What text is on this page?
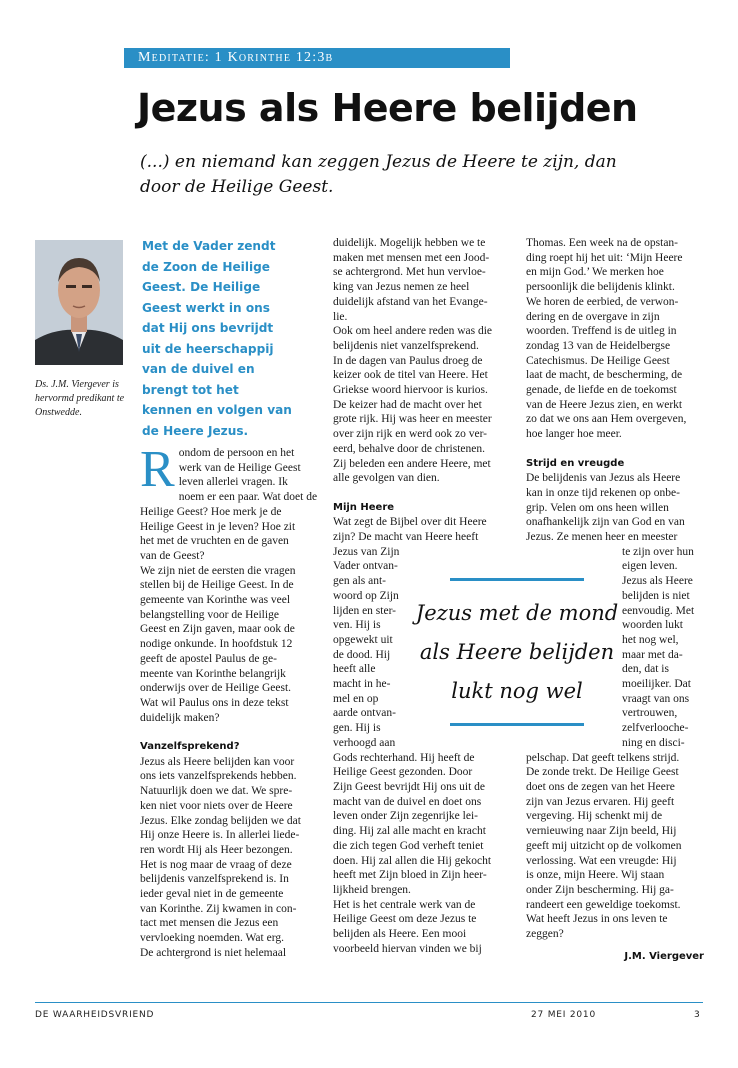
Meditatie: 1 Korinthe 12:3b
Jezus als Heere belijden

(...) en niemand kan zeggen Jezus de Heere te zijn, dan door de Heilige Geest.

Ds. J.M. Viergever is hervormd predikant te Onstwedde.

Met de Vader zendt de Zoon de Heilige Geest. De Heilige Geest werkt in ons dat Hij ons bevrijdt uit de heerschappij van de duivel en brengt tot het kennen en volgen van de Heere Jezus.

R ondom de persoon en het
werk van de Heilige Geest
leven allerlei vragen. Ik
noem er een paar. Wat doet de
Heilige Geest? Hoe merk je de
Heilige Geest in je leven? Hoe zit
het met de vruchten en de gaven
van de Geest?
We zijn niet de eersten die vragen
stellen bij de Heilige Geest. In de
gemeente van Korinthe was veel
belangstelling voor de Heilige
Geest en Zijn gaven, maar ook de
nodige onkunde. In hoofdstuk 12
geeft de apostel Paulus de ge-
meente van Korinthe belangrijk
onderwijs over de Heilige Geest.
Wat wil Paulus ons in deze tekst
duidelijk maken?
Vanzelfsprekend?
Jezus als Heere belijden kan voor
ons iets vanzelfsprekends hebben.
Natuurlijk doen we dat. We spre-
ken niet voor niets over de Heere
Jezus. Elke zondag belijden we dat
Hij onze Heere is. In allerlei liede-
ren wordt Hij als Heer bezongen.
Het is nog maar de vraag of deze
belijdenis vanzelfsprekend is. In
ieder geval niet in de gemeente
van Korinthe. Zij kwamen in con-
tact met mensen die Jezus een
vervloeking noemden. Wat erg.
De achtergrond is niet helemaal
duidelijk. Mogelijk hebben we te
maken met mensen met een Jood-
se achtergrond. Met hun vervloe-
king van Jezus nemen ze heel
duidelijk afstand van het Evange-
lie.
Ook om heel andere reden was die
belijdenis niet vanzelfsprekend.
In de dagen van Paulus droeg de
keizer ook de titel van Heere. Het
Griekse woord hiervoor is kurios.
De keizer had de macht over het
grote rijk. Hij was heer en meester
over zijn rijk en werd ook zo ver-
eerd, behalve door de christenen.
Zij beleden een andere Heere, met
alle gevolgen van dien.
Mijn Heere
Wat zegt de Bijbel over dit Heere
zijn? De macht van Heere heeft
Jezus van Zijn
Vader ontvan-
gen als ant-
woord op Zijn
lijden en ster-
ven. Hij is
opgewekt uit
de dood. Hij
heeft alle
macht in he-
mel en op
aarde ontvan-
gen. Hij is
verhoogd aan
Gods rechterhand. Hij heeft de
Heilige Geest gezonden. Door
Zijn Geest bevrijdt Hij ons uit de
macht van de duivel en doet ons
leven onder Zijn zegenrijke lei-
ding. Hij zal alle macht en kracht
die zich tegen God verheft teniet
doen. Hij zal allen die Hij gekocht
heeft met Zijn bloed in Zijn heer-
lijkheid brengen.
Het is het centrale werk van de
Heilige Geest om deze Jezus te
belijden als Heere. Een mooi
voorbeeld hiervan vinden we bij
Thomas. Een week na de opstan-
ding roept hij het uit: ‘Mijn Heere
en mijn God.’ We merken hoe
persoonlijk die belijdenis klinkt.
We horen de eerbied, de verwon-
dering en de overgave in zijn
woorden. Treffend is de uitleg in
zondag 13 van de Heidelbergse
Catechismus. De Heilige Geest
laat de macht, de bescherming, de
genade, de liefde en de toekomst
van de Heere Jezus zien, en werkt
zo dat we ons aan Hem overgeven,
hoe langer hoe meer.
Strijd en vreugde
De belijdenis van Jezus als Heere
kan in onze tijd rekenen op onbe-
grip. Velen om ons heen willen
onafhankelijk zijn van God en van
Jezus. Ze menen heer en meester
te zijn over hun
eigen leven.
Jezus als Heere
belijden is niet
eenvoudig. Met
woorden lukt
het nog wel,
maar met da-
den, dat is
moeilijker. Dat
vraagt van ons
vertrouwen,
zelfverlooche-
ning en disci-
pelschap. Dat geeft telkens strijd.
De zonde trekt. De Heilige Geest
doet ons de zegen van het Heere
zijn van Jezus ervaren. Hij geeft
vergeving. Hij schenkt mij de
vernieuwing naar Zijn beeld, Hij
geeft mij uitzicht op de volkomen
verlossing. Wat een vreugde: Hij
is onze, mijn Heere. Wij staan
onder Zijn bescherming. Hij ga-
randeert een geweldige toekomst.
Wat heeft Jezus in ons leven te
zeggen?
Jezus met de mond als Heere belijden lukt nog wel
J.M. Viergever
DE WAARHEIDSVRIEND	27 MEI 2010	3
